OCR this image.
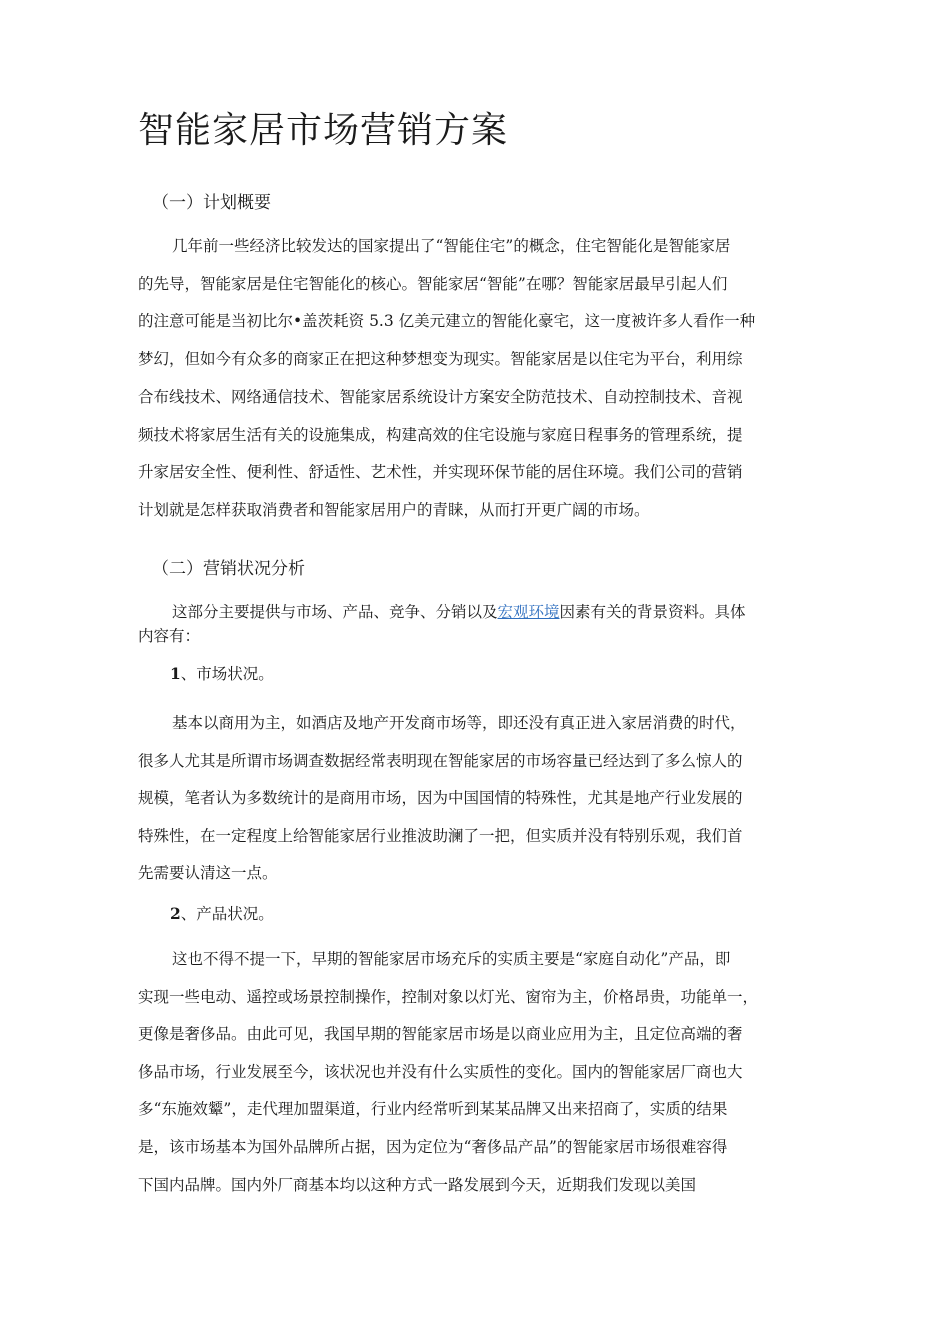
智能家居市场营销方案
（一）计划概要
几年前一些经济比较发达的国家提出了“智能住宅”的概念，住宅智能化是智能家居
的先导，智能家居是住宅智能化的核心。智能家居“智能”在哪？智能家居最早引起人们
的注意可能是当初比尔•盖茨耗资 5.3 亿美元建立的智能化豪宅，这一度被许多人看作一种
梦幻，但如今有众多的商家正在把这种梦想变为现实。智能家居是以住宅为平台，利用综
合布线技术、网络通信技术、智能家居系统设计方案安全防范技术、自动控制技术、音视
频技术将家居生活有关的设施集成，构建高效的住宅设施与家庭日程事务的管理系统，提
升家居安全性、便利性、舒适性、艺术性，并实现环保节能的居住环境。我们公司的营销
计划就是怎样获取消费者和智能家居用户的青睐，从而打开更广阔的市场。
（二）营销状况分析
这部分主要提供与市场、产品、竞争、分销以及宏观环境因素有关的背景资料。具体
内容有：
1、市场状况。
基本以商用为主，如酒店及地产开发商市场等，即还没有真正进入家居消费的时代，
很多人尤其是所谓市场调查数据经常表明现在智能家居的市场容量已经达到了多么惊人的
规模，笔者认为多数统计的是商用市场，因为中国国情的特殊性，尤其是地产行业发展的
特殊性，在一定程度上给智能家居行业推波助澜了一把，但实质并没有特别乐观，我们首
先需要认清这一点。
2、产品状况。
这也不得不提一下，早期的智能家居市场充斥的实质主要是“家庭自动化”产品，即
实现一些电动、遥控或场景控制操作，控制对象以灯光、窗帘为主，价格昂贵，功能单一，
更像是奢侈品。由此可见，我国早期的智能家居市场是以商业应用为主，且定位高端的奢
侈品市场，行业发展至今，该状况也并没有什么实质性的变化。国内的智能家居厂商也大
多“东施效颦”，走代理加盟渠道，行业内经常听到某某品牌又出来招商了，实质的结果
是，该市场基本为国外品牌所占据，因为定位为“奢侈品产品”的智能家居市场很难容得
下国内品牌。国内外厂商基本均以这种方式一路发展到今天，近期我们发现以美国
